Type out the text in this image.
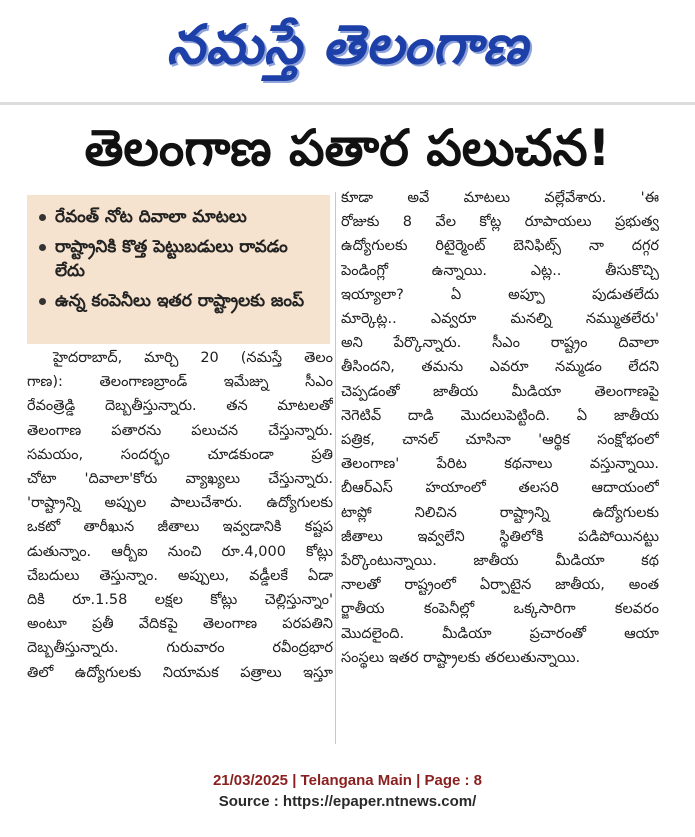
నమస్తే తెలంగాణ
తెలంగాణ పతార పలుచన!
రేవంత్ నోట దివాలా మాటలు
రాష్ట్రానికి కొత్త పెట్టుబడులు రావడం లేదు
ఉన్న కంపెనీలు ఇతర రాష్ట్రాలకు జంప్
హైదరాబాద్, మార్చి 20 (నమస్తే తెలం
గాణ): తెలంగాణబ్రాండ్ ఇమేజ్ను సీఎం
రేవంత్రెడ్డి దెబ్బతీస్తున్నారు. తన మాటలతో
తెలంగాణ పతారను పలుచన చేస్తున్నారు.
సమయం, సందర్భం చూడకుండా ప్రతి
చోటా 'దివాలా'కోరు వ్యాఖ్యలు చేస్తున్నారు.
'రాష్ట్రాన్ని అప్పుల పాలుచేశారు. ఉద్యోగులకు
ఒకటో తారీఖున జీతాలు ఇవ్వడానికి కష్టప
డుతున్నాం. ఆర్బీఐ నుంచి రూ.4,000 కోట్లు
చేబదులు తెస్తున్నాం. అప్పులు, వడ్డీలకే ఏడా
దికి రూ.1.58 లక్షల కోట్లు చెల్లిస్తున్నాం'
అంటూ ప్రతీ వేదికపై తెలంగాణ పరపతిని
దెబ్బతీస్తున్నారు. గురువారం రవీంద్రభార
తిలో ఉద్యోగులకు నియామక పత్రాలు ఇస్తూ
కూడా అవే మాటలు వల్లేవేశారు. 'ఈ
రోజుకు 8 వేల కోట్ల రూపాయలు ప్రభుత్వ
ఉద్యోగులకు రిటైర్మెంట్ బెనిఫిట్స్ నా దగ్గర
పెండింగ్లో ఉన్నాయి. ఎట్ల.. తీసుకొచ్చి
ఇయ్యాలా? ఏ అప్పూ పుడుతలేదు
మార్కెట్ల.. ఎవ్వరూ మనల్ని నమ్ముతలేరు'
అని పేర్కొన్నారు. సీఎం రాష్ట్రం దివాలా
తీసిందని, తమను ఎవరూ నమ్మడం లేదని
చెప్పడంతో జాతీయ మీడియా తెలంగాణపై
నెగెటివ్ దాడి మొదలుపెట్టింది. ఏ జాతీయ
పత్రిక, చానల్ చూసినా 'ఆర్థిక సంక్షోభంలో
తెలంగాణ' పేరిట కథనాలు వస్తున్నాయి.
బీఆర్ఎస్ హయాంలో తలసరి ఆదాయంలో
టాప్లో నిలిచిన రాష్ట్రాన్ని ఉద్యోగులకు
జీతాలు ఇవ్వలేని స్థితిలోకి పడిపోయినట్టు
పేర్కొంటున్నాయి. జాతీయ మీడియా కథ
నాలతో రాష్ట్రంలో ఏర్పాటైన జాతీయ, అంత
ర్జాతీయ కంపెనీల్లో ఒక్కసారిగా కలవరం
మొదలైంది. మీడియా ప్రచారంతో ఆయా
సంస్థలు ఇతర రాష్ట్రాలకు తరలుతున్నాయి.
21/03/2025 | Telangana Main | Page : 8
Source : https://epaper.ntnews.com/
